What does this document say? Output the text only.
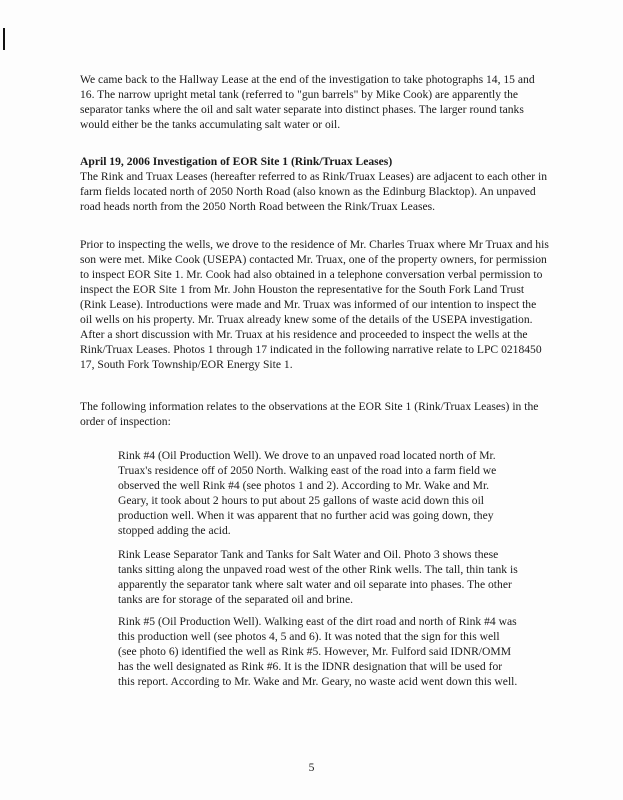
We came back to the Hallway Lease at the end of the investigation to take photographs 14, 15 and 16. The narrow upright metal tank (referred to "gun barrels" by Mike Cook) are apparently the separator tanks where the oil and salt water separate into distinct phases. The larger round tanks would either be the tanks accumulating salt water or oil.

April 19, 2006 Investigation of EOR Site 1 (Rink/Truax Leases)
The Rink and Truax Leases (hereafter referred to as Rink/Truax Leases) are adjacent to each other in farm fields located north of 2050 North Road (also known as the Edinburg Blacktop). An unpaved road heads north from the 2050 North Road between the Rink/Truax Leases.

Prior to inspecting the wells, we drove to the residence of Mr. Charles Truax where Mr Truax and his son were met. Mike Cook (USEPA) contacted Mr. Truax, one of the property owners, for permission to inspect EOR Site 1. Mr. Cook had also obtained in a telephone conversation verbal permission to inspect the EOR Site 1 from Mr. John Houston the representative for the South Fork Land Trust (Rink Lease). Introductions were made and Mr. Truax was informed of our intention to inspect the oil wells on his property. Mr. Truax already knew some of the details of the USEPA investigation. After a short discussion with Mr. Truax at his residence and proceeded to inspect the wells at the Rink/Truax Leases. Photos 1 through 17 indicated in the following narrative relate to LPC 0218450 17, South Fork Township/EOR Energy Site 1.

The following information relates to the observations at the EOR Site 1 (Rink/Truax Leases) in the order of inspection:

Rink #4 (Oil Production Well). We drove to an unpaved road located north of Mr. Truax's residence off of 2050 North. Walking east of the road into a farm field we observed the well Rink #4 (see photos 1 and 2). According to Mr. Wake and Mr. Geary, it took about 2 hours to put about 25 gallons of waste acid down this oil production well. When it was apparent that no further acid was going down, they stopped adding the acid.

Rink Lease Separator Tank and Tanks for Salt Water and Oil. Photo 3 shows these tanks sitting along the unpaved road west of the other Rink wells. The tall, thin tank is apparently the separator tank where salt water and oil separate into phases. The other tanks are for storage of the separated oil and brine.

Rink #5 (Oil Production Well). Walking east of the dirt road and north of Rink #4 was this production well (see photos 4, 5 and 6). It was noted that the sign for this well (see photo 6) identified the well as Rink #5. However, Mr. Fulford said IDNR/OMM has the well designated as Rink #6. It is the IDNR designation that will be used for this report. According to Mr. Wake and Mr. Geary, no waste acid went down this well.

5
